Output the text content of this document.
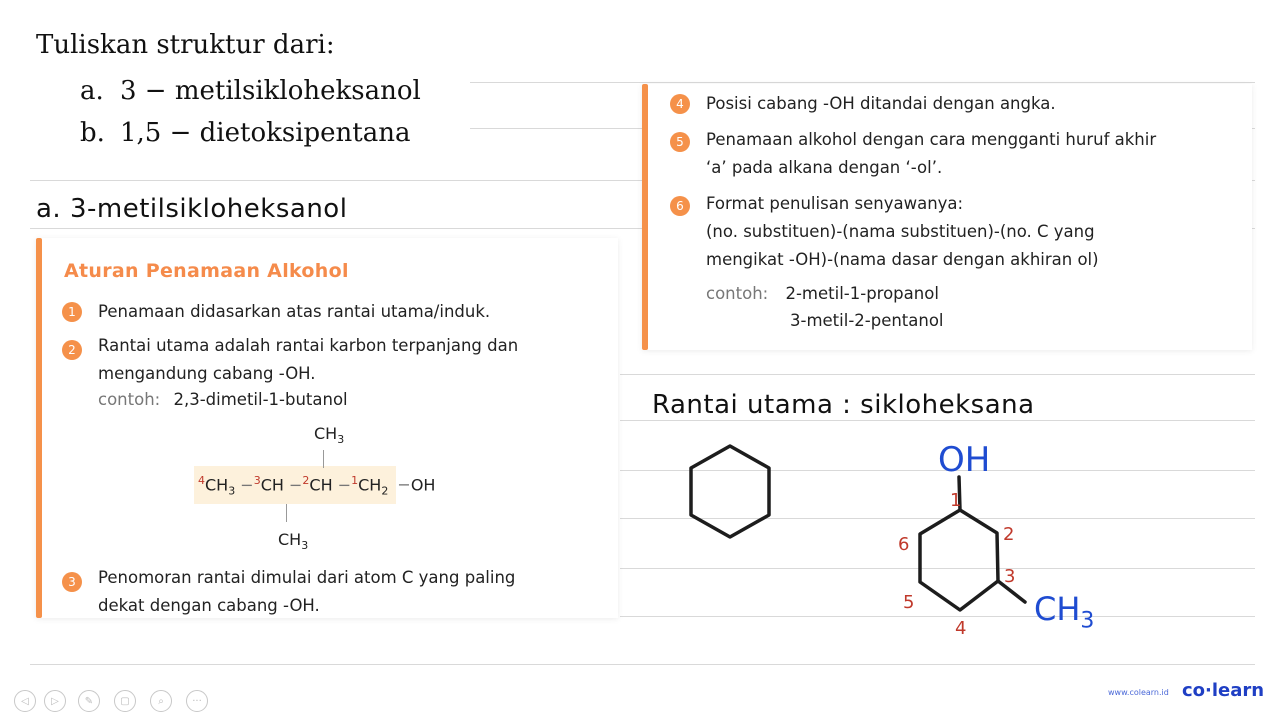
Tuliskan struktur dari:
a. 3 − metilsikloheksanol
b. 1,5 − dietoksipentana
a. 3-metilsikloheksanol
Aturan Penamaan Alkohol
1	Penamaan didasarkan atas rantai utama/induk.
2	Rantai utama adalah rantai karbon terpanjang dan
mengandung cabang -OH.
contoh: 2,3-dimetil-1-butanol
$CH_3$
$^4CH_3 -^3CH -^2CH -^1CH_2 -OH$
$CH_3$
3	Penomoran rantai dimulai dari atom C yang paling
dekat dengan cabang -OH.
4	Posisi cabang -OH ditandai dengan angka.
5	Penamaan alkohol dengan cara mengganti huruf akhir
‘a’ pada alkana dengan ‘-ol’.
6	Format penulisan senyawanya:
(no. substituen)-(nama substituen)-(no. C yang
mengikat -OH)-(nama dasar dengan akhiran ol)
contoh: 2-metil-1-propanol
3-metil-2-pentanol
Rantai utama : sikloheksana
OH
$CH_3$
1
2
3
4
5
6
◁	▷	✎	▢	⌕	···
www.colearn.id co·learn
